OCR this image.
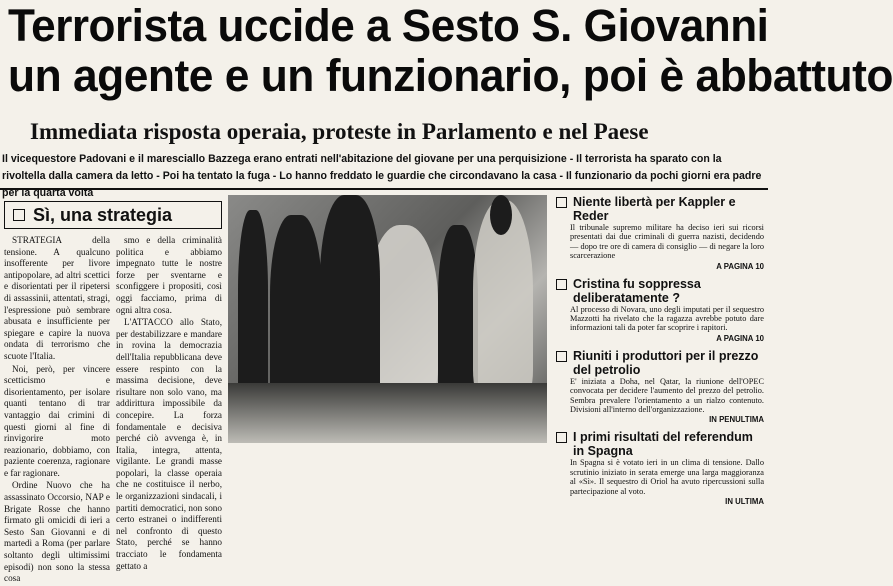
Terrorista uccide a Sesto S. Giovanni
un agente e un funzionario, poi è abbattuto
Immediata risposta operaia, proteste in Parlamento e nel Paese
Il vicequestore Padovani e il maresciallo Bazzega erano entrati nell'abitazione del giovane per una perquisizione - Il terrorista ha sparato con la rivoltella dalla camera da letto - Poi ha tentato la fuga - Lo hanno freddato le guardie che circondavano la casa - Il funzionario da pochi giorni era padre per la quarta volta
Sì, una strategia

STRATEGIA della tensione. A qualcuno insofferente per livore antipopolare, ad altri scettici e disorientati per il ripetersi di assassinii, attentati, stragi, l'espressione può sembrare abusata e insufficiente per spiegare e capire la nuova ondata di terrorismo che scuote l'Italia.

Noi, però, per vincere scetticismo e disorientamento, per isolare quanti tentano di trar vantaggio dai crimini di questi giorni al fine di rinvigorire moto reazionario, dobbiamo, con paziente coerenza, ragionare e far ragionare.

Ordine Nuovo che ha assassinato Occorsio, NAP e Brigate Rosse che hanno firmato gli omicidi di ieri a Sesto San Giovanni e di martedì a Roma (per parlare soltanto degli ultimissimi episodi) non sono la stessa cosa

smo e della criminalità politica e abbiamo impegnato tutte le nostre forze per sventarne e sconfiggere i propositi, così oggi facciamo, prima di ogni altra cosa.

L'ATTACCO allo Stato, per destabilizzare e mandare in rovina la democrazia dell'Italia repubblicana deve essere respinto con la massima decisione, deve risultare non solo vano, ma addirittura impossibile da concepire. La forza fondamentale e decisiva perché ciò avvenga è, in Italia, integra, attenta, vigilante. Le grandi masse popolari, la classe operaia che ne costituisce il nerbo, le organizzazioni sindacali, i partiti democratici, non sono certo estranei o indifferenti nel confronto di questo Stato, perché se hanno tracciato le fondamenta gettato a

Niente libertà per Kappler e Reder
Il tribunale supremo militare ha deciso ieri sui ricorsi presentati dai due criminali di guerra nazisti, decidendo — dopo tre ore di camera di consiglio — di negare la loro scarcerazione
A PAGINA 10
Cristina fu soppressa deliberatamente ?
Al processo di Novara, uno degli imputati per il sequestro Mazzotti ha rivelato che la ragazza avrebbe potuto dare informazioni tali da poter far scoprire i rapitori.
A PAGINA 10
Riuniti i produttori per il prezzo del petrolio
E' iniziata a Doha, nel Qatar, la riunione dell'OPEC convocata per decidere l'aumento del prezzo del petrolio. Sembra prevalere l'orientamento a un rialzo contenuto. Divisioni all'interno dell'organizzazione.
IN PENULTIMA
I primi risultati del referendum in Spagna
In Spagna si è votato ieri in un clima di tensione. Dallo scrutinio iniziato in serata emerge una larga maggioranza al «Sì». Il sequestro di Oriol ha avuto ripercussioni sulla partecipazione al voto.
IN ULTIMA
